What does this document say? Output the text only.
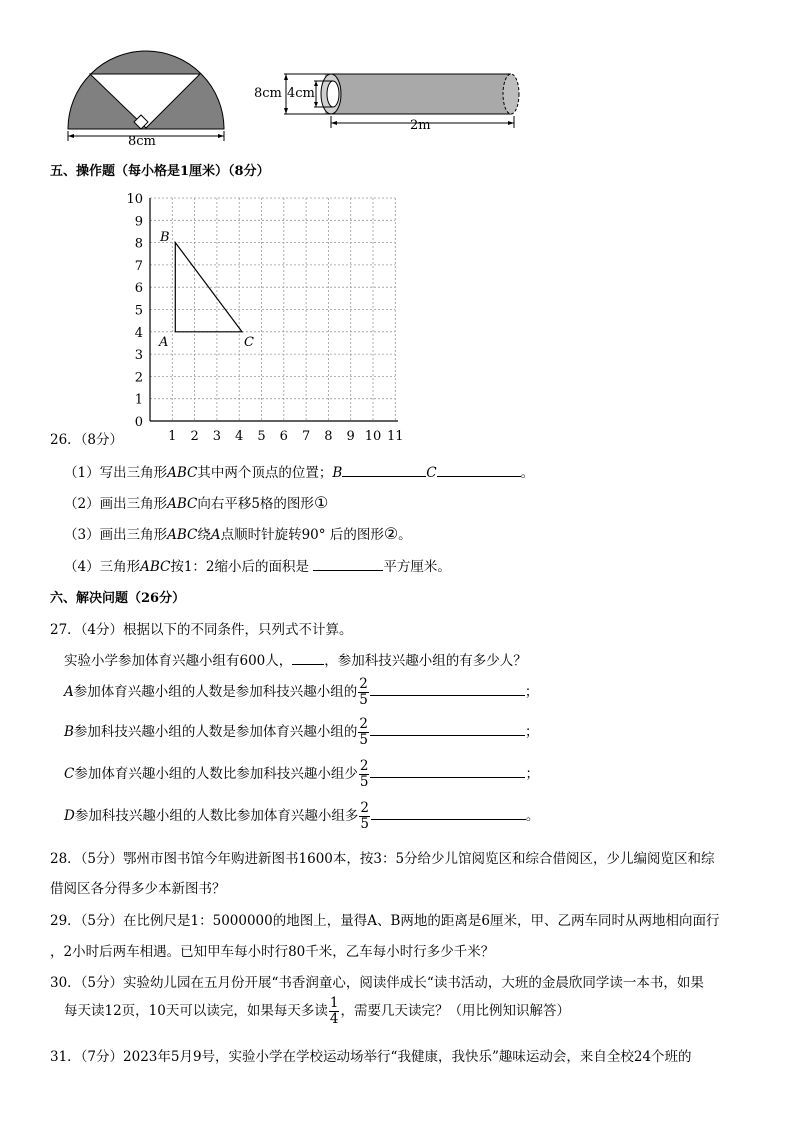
8cm
8cm 4cm
2m
五、操作题（每小格是1厘米）（8分）
0
1
2
3
4
5
6
7
8
9
10
1 2 3 4 5 6 7 8 9 10 11
B
A	C
26．（8分）
（1）写出三角形ABC其中两个顶点的位置；B	C	。
（2）画出三角形ABC向右平移5格的图形①
（3）画出三角形ABC绕A点顺时针旋转90° 后的图形②。
（4）三角形ABC按1：2缩小后的面积是	平方厘米。
六、解决问题（26分）
27．（4分）根据以下的不同条件，只列式不计算。
实验小学参加体育兴趣小组有600人， ，参加科技兴趣小组的有多少人？
A参加体育兴趣小组的人数是参加科技兴趣小组的 $\frac{2}{5}$	；
B参加科技兴趣小组的人数是参加体育兴趣小组的 $\frac{2}{5}$	；
C参加体育兴趣小组的人数比参加科技兴趣小组少 $\frac{2}{5}$	；
D参加科技兴趣小组的人数比参加体育兴趣小组多 $\frac{2}{5}$	。
28．（5分）鄂州市图书馆今年购进新图书1600本，按3：5分给少儿馆阅览区和综合借阅区，少儿编阅览区和综
借阅区各分得多少本新图书？
29．（5分）在比例尺是1：5000000的地图上，量得A、B两地的距离是6厘米，甲、乙两车同时从两地相向面行
，2小时后两车相遇。已知甲车每小时行80千米，乙车每小时行多少千米？
30．（5分）实验幼儿园在五月份开展“书香润童心，阅读伴成长“读书活动，大班的金晨欣同学读一本书，如果
每天读12页，10天可以读完，如果每天多读 $\frac{1}{4}$ ，需要几天读完？（用比例知识解答）
31．（7分）2023年5月9号，实验小学在学校运动场举行“我健康，我快乐”趣味运动会，来自全校24个班的
